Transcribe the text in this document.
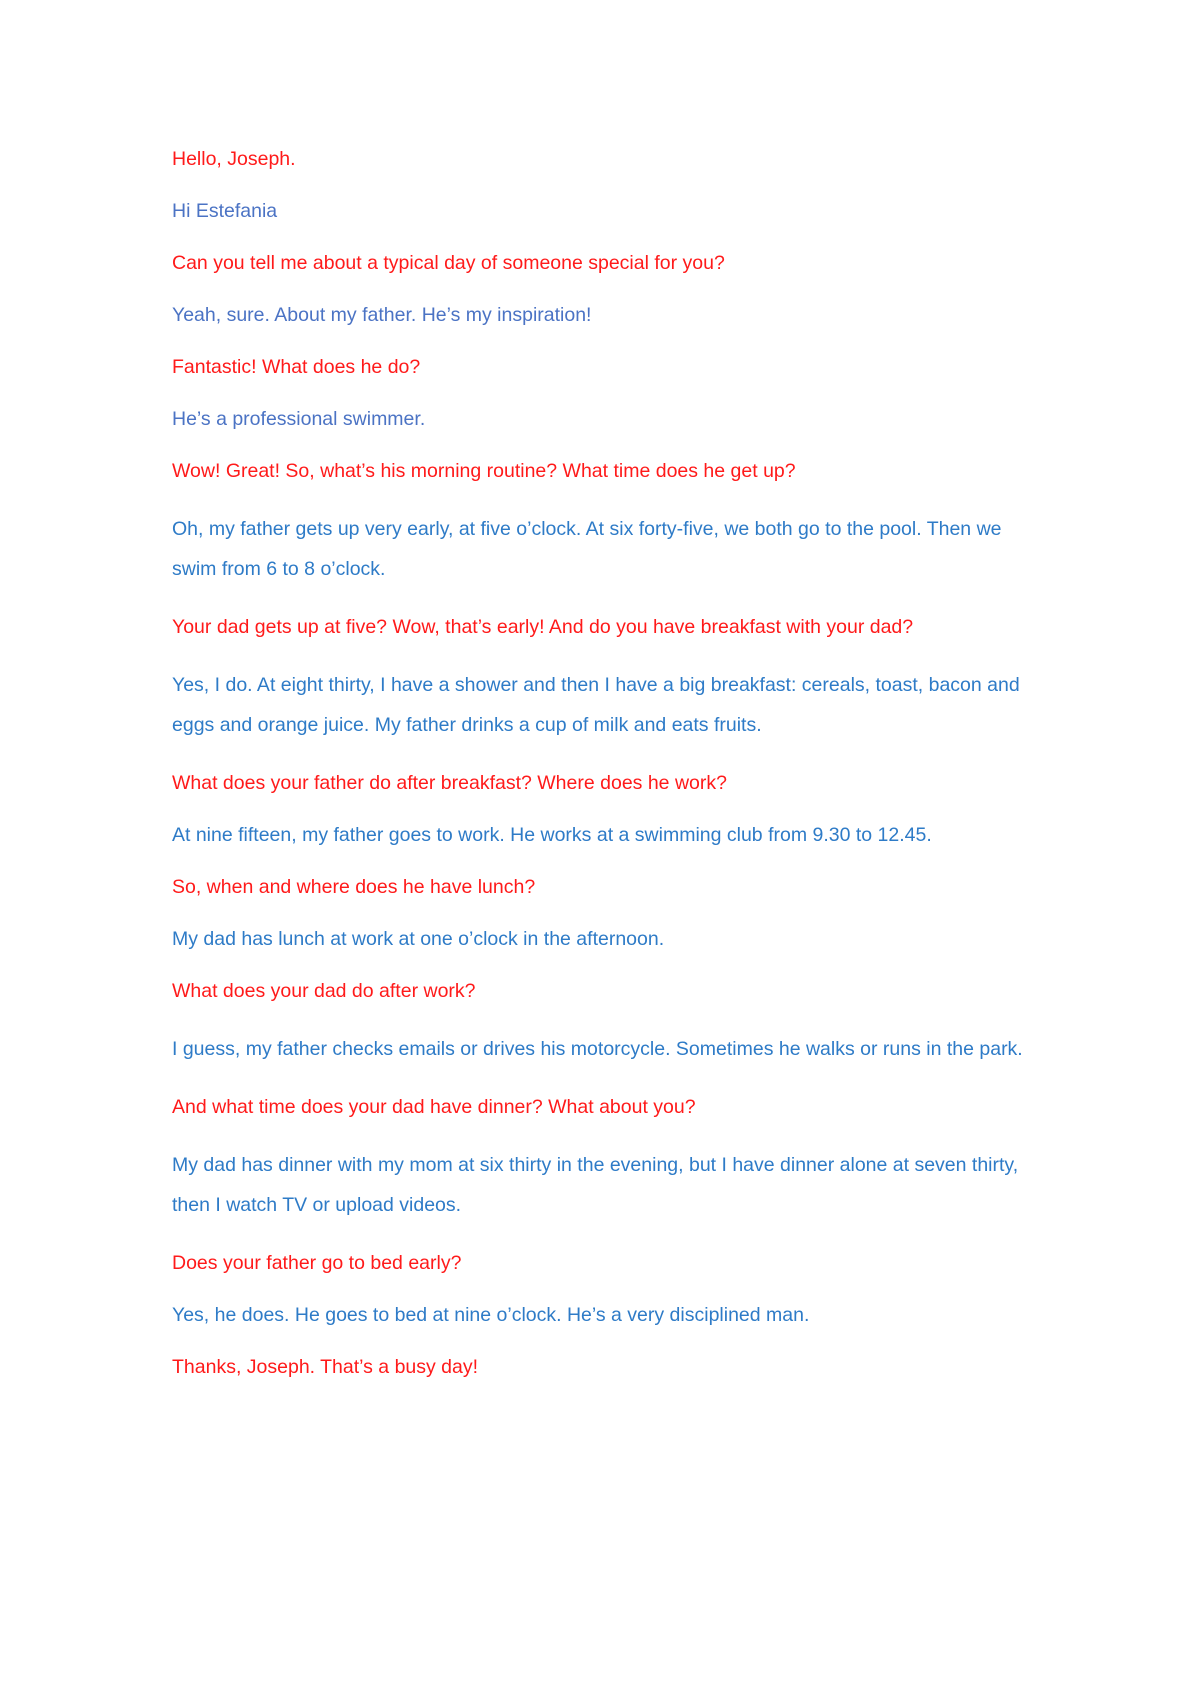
Hello, Joseph.

Hi Estefania

Can you tell me about a typical day of someone special for you?

Yeah, sure. About my father. He’s my inspiration!

Fantastic! What does he do?

He’s a professional swimmer.

Wow! Great! So, what’s his morning routine? What time does he get up?

Oh, my father gets up very early, at five o’clock. At six forty-five, we both go to the pool. Then we swim from 6 to 8 o’clock.

Your dad gets up at five? Wow, that’s early! And do you have breakfast with your dad?

Yes, I do. At eight thirty, I have a shower and then I have a big breakfast: cereals, toast, bacon and eggs and orange juice. My father drinks a cup of milk and eats fruits.

What does your father do after breakfast? Where does he work?

At nine fifteen, my father goes to work. He works at a swimming club from 9.30 to 12.45.

So, when and where does he have lunch?

My dad has lunch at work at one o’clock in the afternoon.

What does your dad do after work?

I guess, my father checks emails or drives his motorcycle. Sometimes he walks or runs in the park.

And what time does your dad have dinner? What about you?

My dad has dinner with my mom at six thirty in the evening, but I have dinner alone at seven thirty, then I watch TV or upload videos.

Does your father go to bed early?

Yes, he does. He goes to bed at nine o’clock. He’s a very disciplined man.

Thanks, Joseph. That’s a busy day!
